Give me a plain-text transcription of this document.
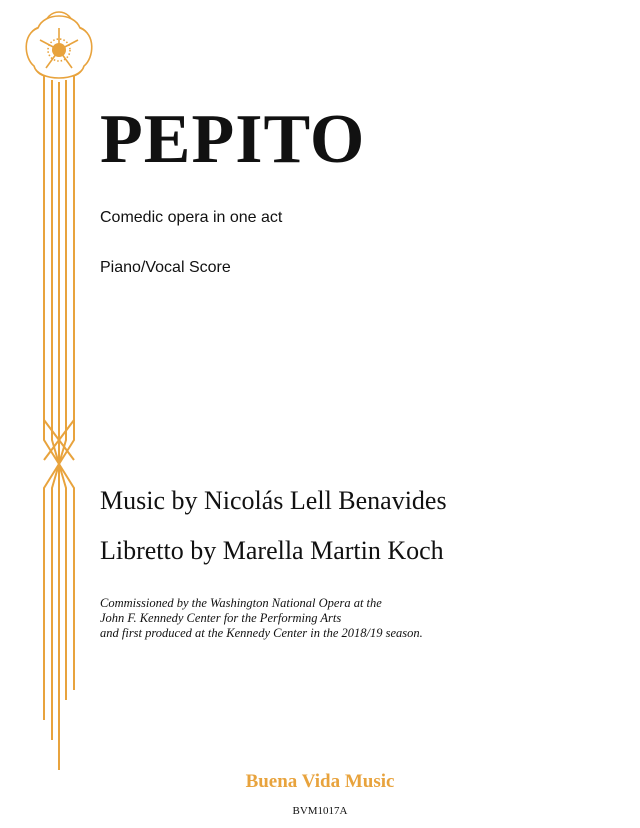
PEPITO
Comedic opera in one act
Piano/Vocal Score
Music by Nicolás Lell Benavides
Libretto by Marella Martin Koch
Commissioned by the Washington National Opera at the
John F. Kennedy Center for the Performing Arts
and first produced at the Kennedy Center in the 2018/19 season.
Buena Vida Music
BVM1017A
